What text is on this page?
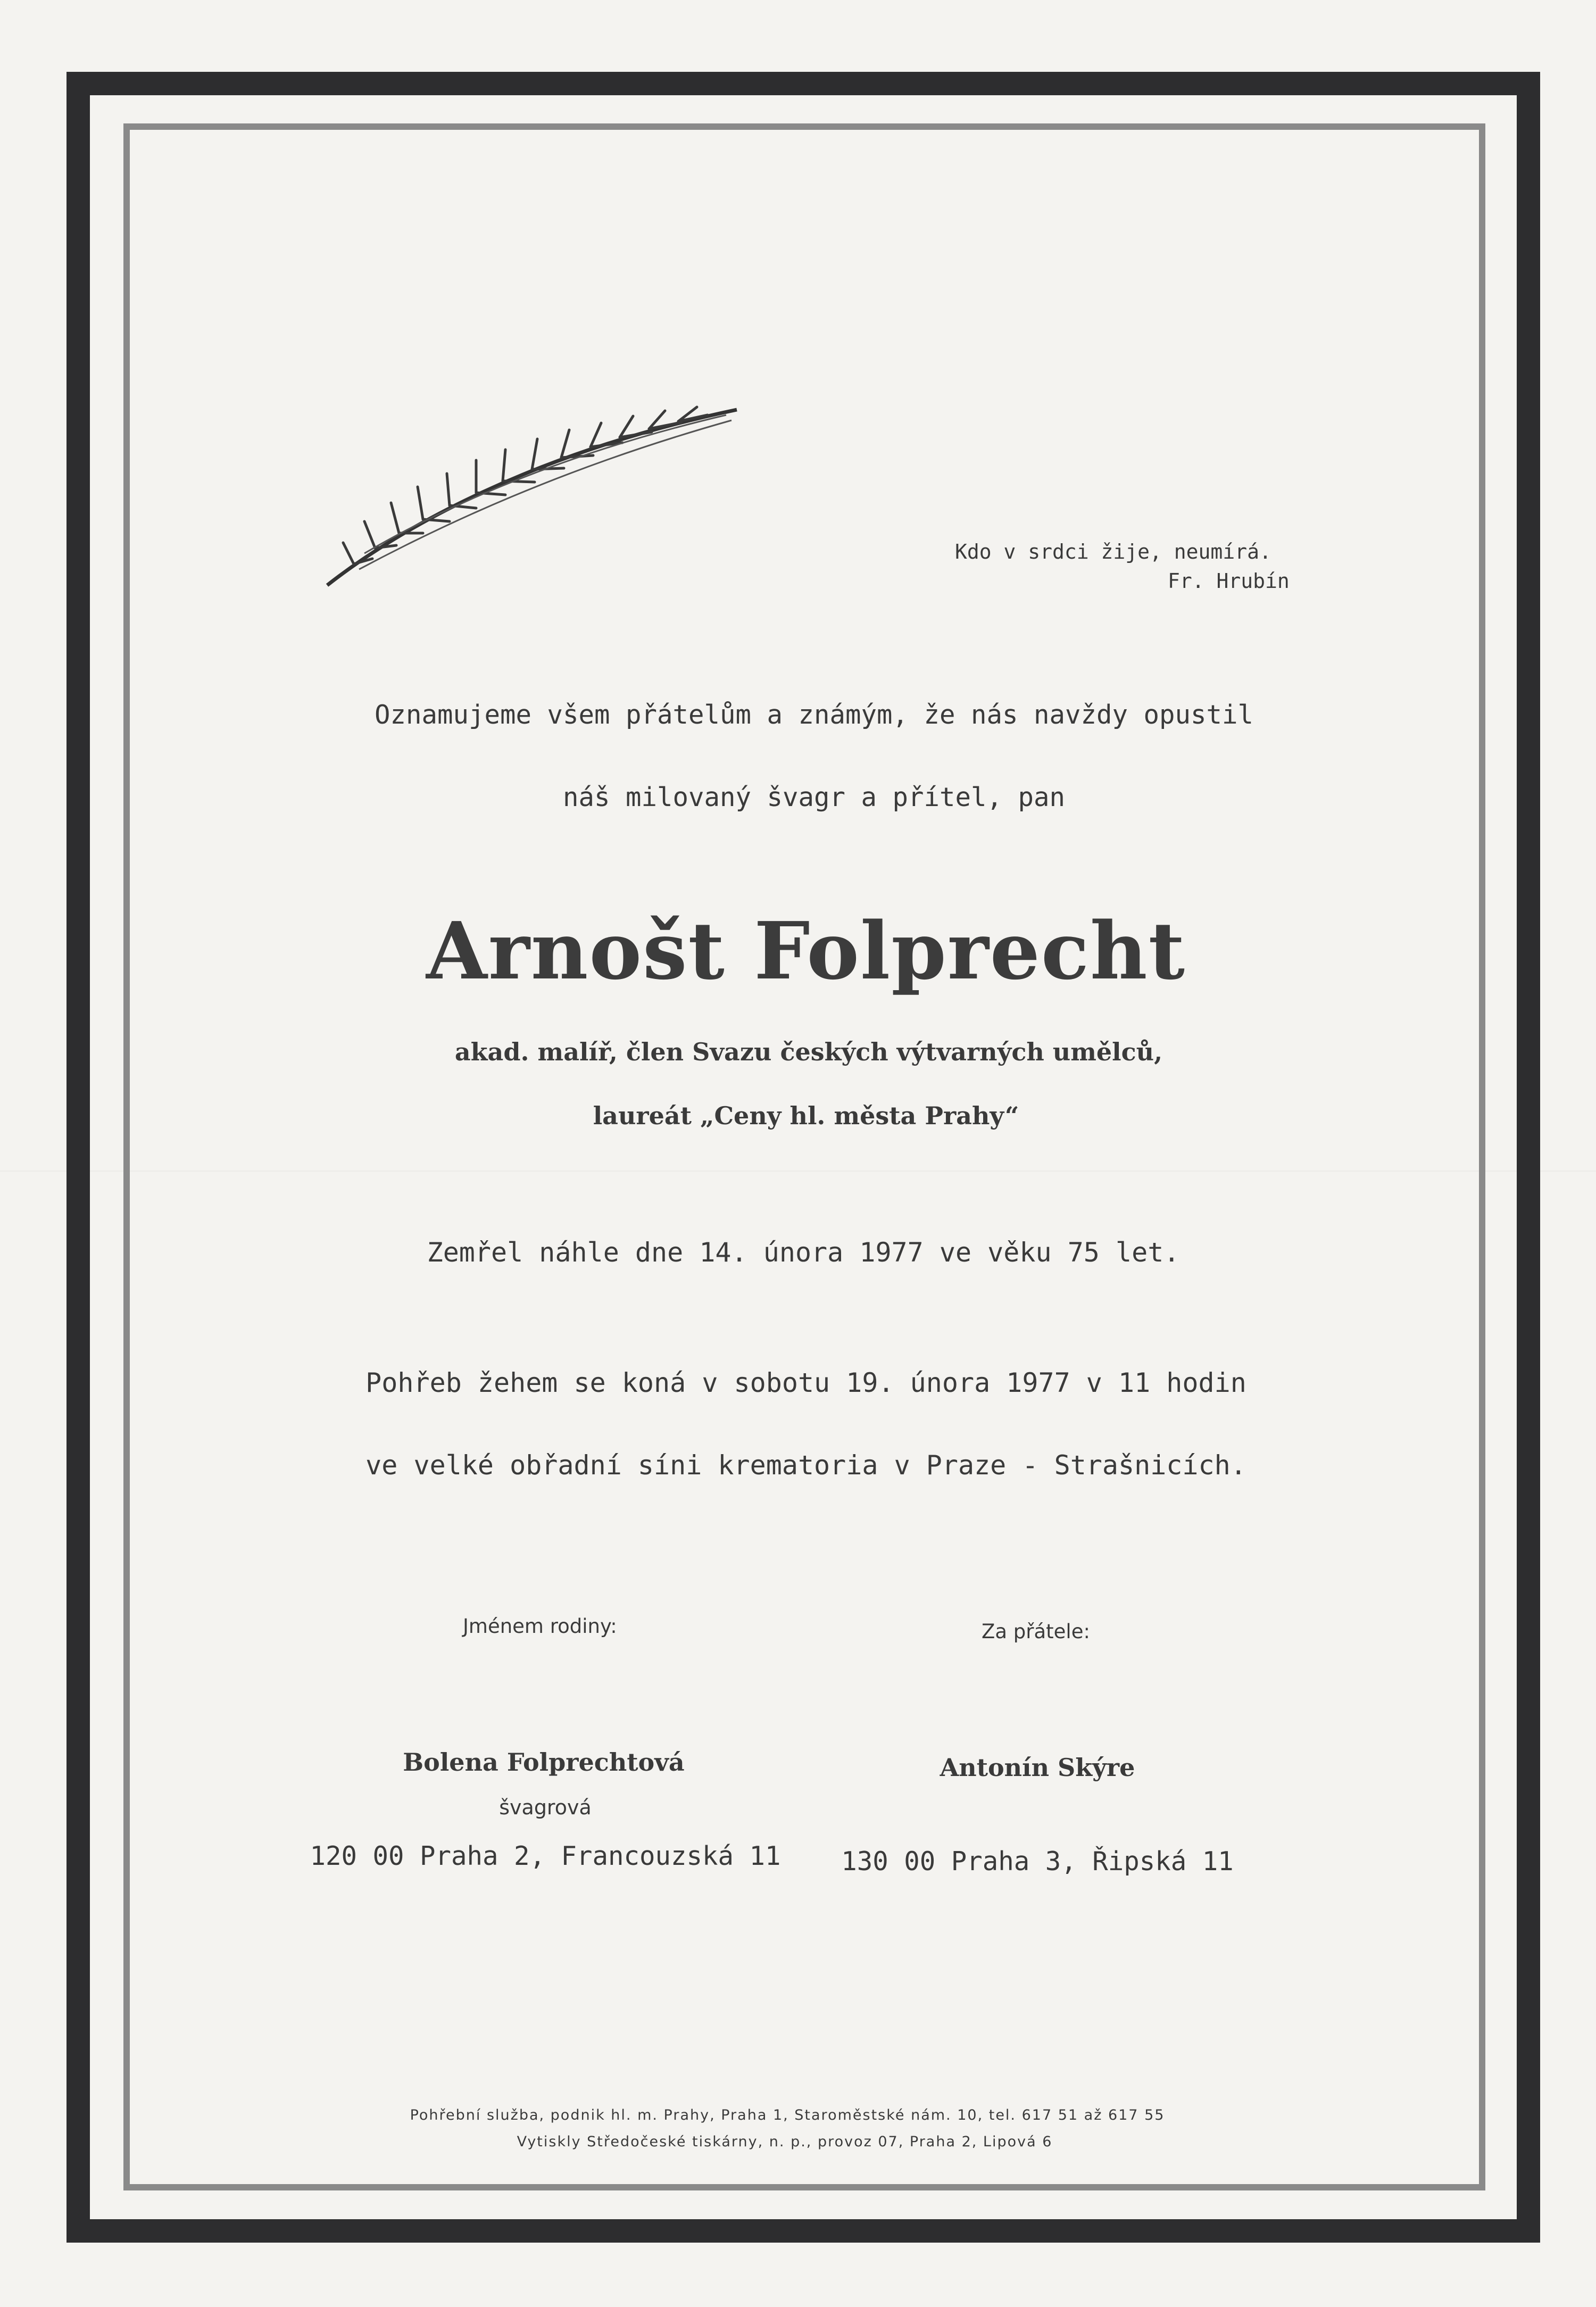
Kdo v srdci žije, neumírá.
Fr. Hrubín
Oznamujeme všem přátelům a známým, že nás navždy opustil
náš milovaný švagr a přítel, pan
Arnošt Folprecht
akad. malíř, člen Svazu českých výtvarných umělců,
laureát „Ceny hl. města Prahy“
Zemřel náhle dne 14. února 1977 ve věku 75 let.
Pohřeb žehem se koná v sobotu 19. února 1977 v 11 hodin
ve velké obřadní síni krematoria v Praze - Strašnicích.
Jménem rodiny:	Za přátele:
Bolena Folprechtová	Antonín Skýre
švagrová
120 00 Praha 2, Francouzská 11 130 00 Praha 3, Řipská 11
Pohřební služba, podnik hl. m. Prahy, Praha 1, Staroměstské nám. 10, tel. 617 51 až 617 55
Vytiskly Středočeské tiskárny, n. p., provoz 07, Praha 2, Lipová 6
